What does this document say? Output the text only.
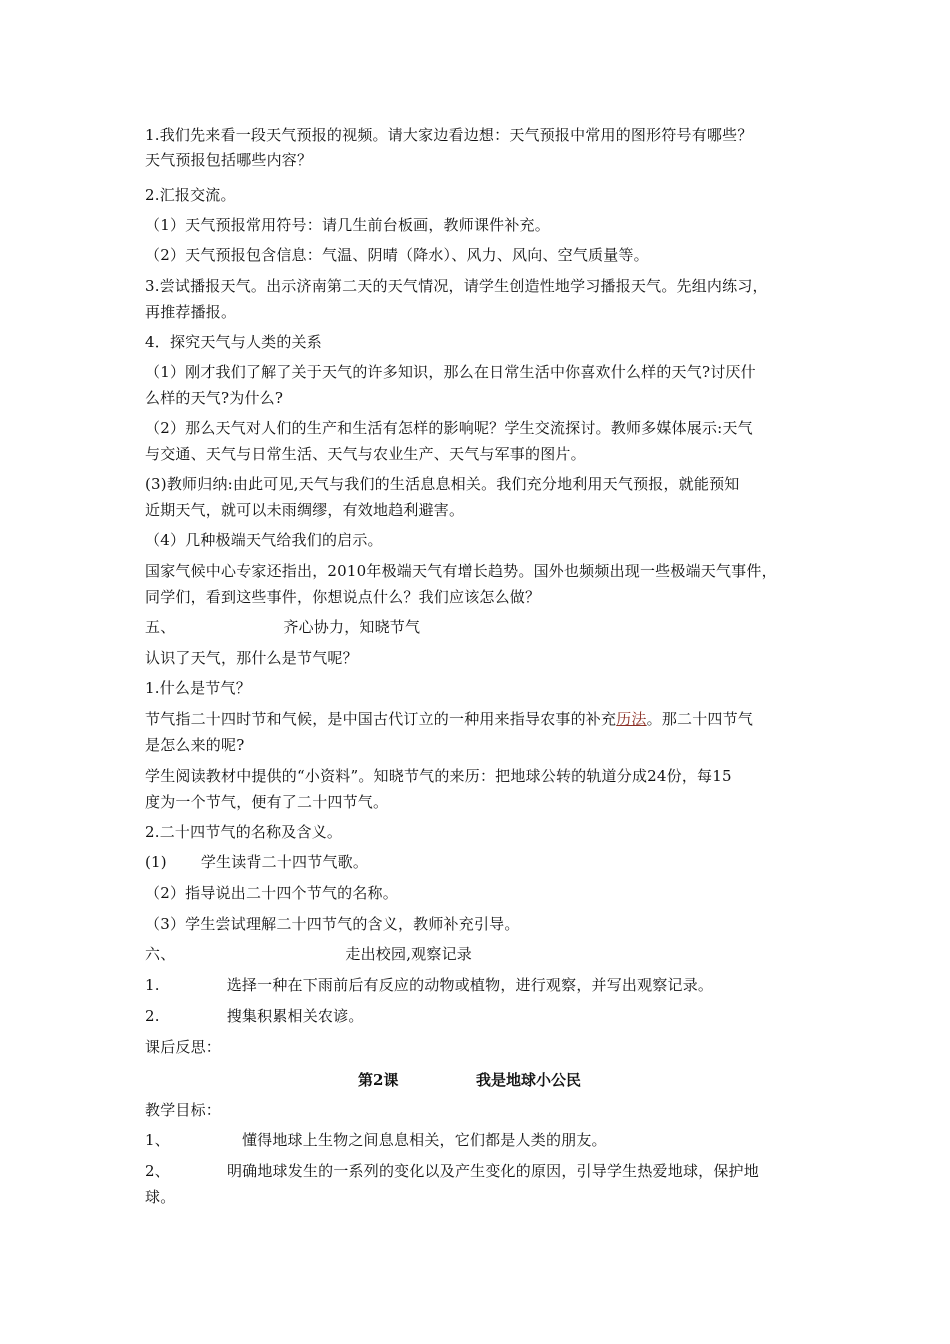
1.我们先来看一段天气预报的视频。请大家边看边想：天气预报中常用的图形符号有哪些？
天气预报包括哪些内容？
2.汇报交流。
（1）天气预报常用符号：请几生前台板画，教师课件补充。
（2）天气预报包含信息：气温、阴晴（降水）、风力、风向、空气质量等。
3.尝试播报天气。出示济南第二天的天气情况，请学生创造性地学习播报天气。先组内练习，
再推荐播报。
4．探究天气与人类的关系
（1）刚才我们了解了关于天气的许多知识，那么在日常生活中你喜欢什么样的天气?讨厌什
么样的天气?为什么?
（2）那么天气对人们的生产和生活有怎样的影响呢？学生交流探讨。教师多媒体展示:天气
与交通、天气与日常生活、天气与农业生产、天气与军事的图片。
(3)教师归纳:由此可见,天气与我们的生活息息相关。我们充分地利用天气预报，就能预知
近期天气，就可以未雨绸缪，有效地趋利避害。
（4）几种极端天气给我们的启示。
国家气候中心专家还指出，2010年极端天气有增长趋势。国外也频频出现一些极端天气事件，
同学们，看到这些事件，你想说点什么？我们应该怎么做？
五、	齐心协力，知晓节气
认识了天气，那什么是节气呢？
1.什么是节气？
节气指二十四时节和气候，是中国古代订立的一种用来指导农事的补充历法。那二十四节气
是怎么来的呢?
学生阅读教材中提供的“小资料”。知晓节气的来历：把地球公转的轨道分成24份，每15
度为一个节气，便有了二十四节气。
2.二十四节气的名称及含义。
(1) 学生读背二十四节气歌。
（2）指导说出二十四个节气的名称。
（3）学生尝试理解二十四节气的含义，教师补充引导。
六、	走出校园,观察记录
1.	选择一种在下雨前后有反应的动物或植物，进行观察，并写出观察记录。
2.	搜集积累相关农谚。
课后反思：
第2课	我是地球小公民
教学目标：
1、	懂得地球上生物之间息息相关，它们都是人类的朋友。
2、	明确地球发生的一系列的变化以及产生变化的原因，引导学生热爱地球，保护地
球。
